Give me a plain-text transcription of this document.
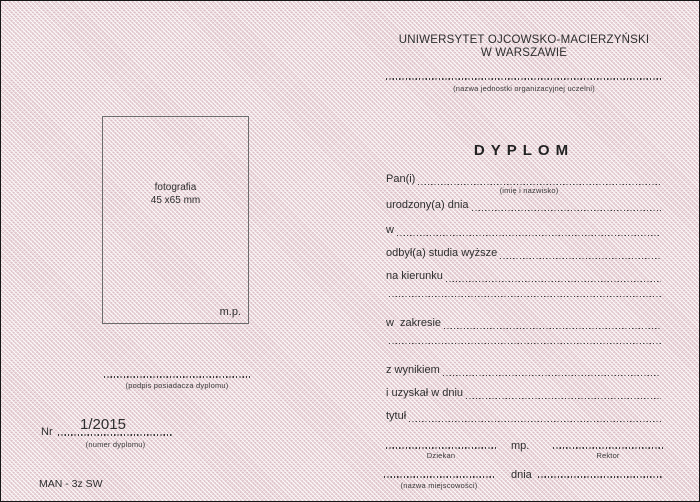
fotografia
45 x65 mm
m.p.
(podpis posiadacza dyplomu)
Nr	1/2015
(numer dyplomu)
MAN - 3z SW
UNIWERSYTET OJCOWSKO-MACIERZYŃSKI
W WARSZAWIE
(nazwa jednostki organizacyjnej uczelni)
DYPLOM
Pan(i)
(imię i nazwisko)
urodzony(a) dnia
w
odbył(a) studia wyższe
na kierunku
w  zakresie
z wynikiem
i uzyskał w dniu
tytuł
Dziekan
mp.
Rektor
(nazwa miejscowości)
dnia
